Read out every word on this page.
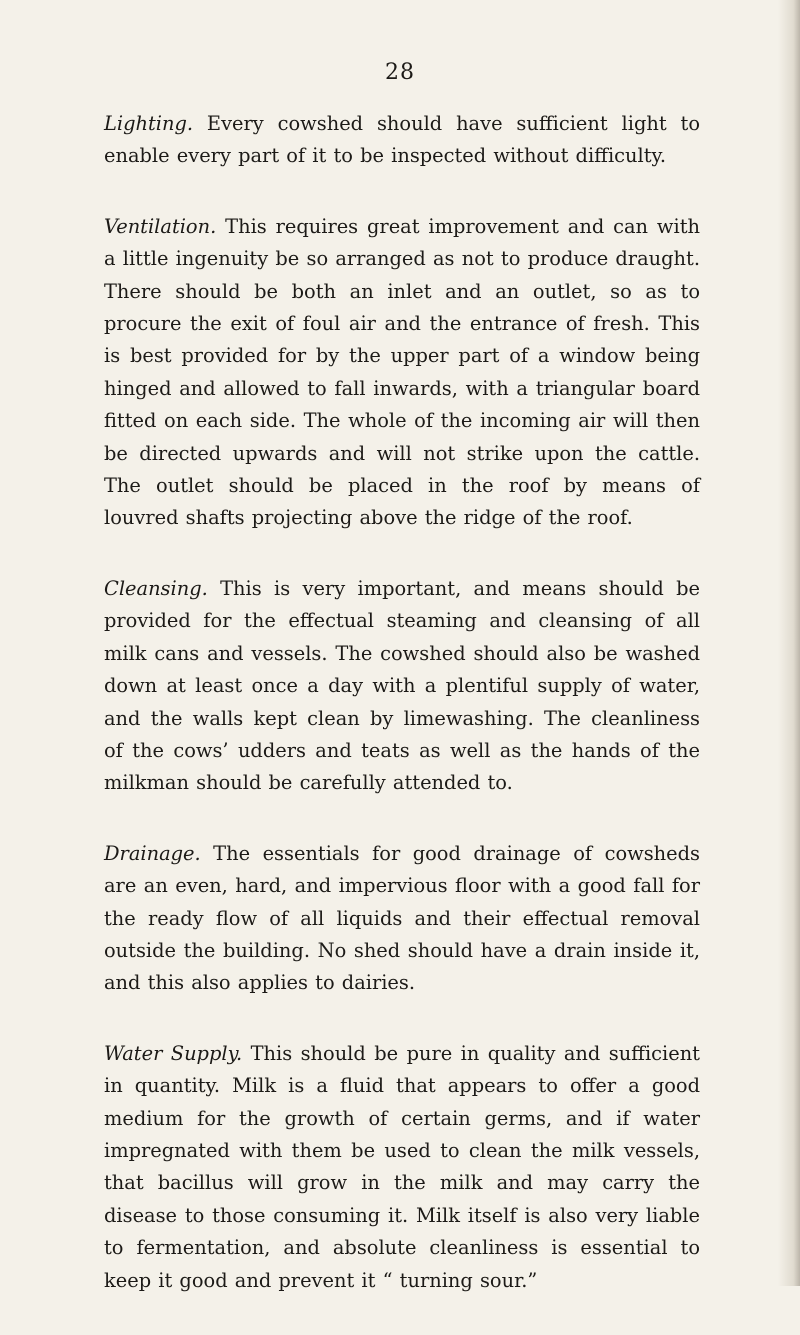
28

Lighting. Every cowshed should have sufficient light to enable every part of it to be inspected without difficulty.

Ventilation. This requires great improvement and can with a little ingenuity be so arranged as not to produce draught. There should be both an inlet and an outlet, so as to procure the exit of foul air and the entrance of fresh. This is best provided for by the upper part of a window being hinged and allowed to fall inwards, with a triangular board fitted on each side. The whole of the incoming air will then be directed upwards and will not strike upon the cattle. The outlet should be placed in the roof by means of louvred shafts projecting above the ridge of the roof.

Cleansing. This is very important, and means should be provided for the effectual steaming and cleansing of all milk cans and vessels. The cowshed should also be washed down at least once a day with a plentiful supply of water, and the walls kept clean by limewashing. The cleanliness of the cows’ udders and teats as well as the hands of the milkman should be carefully attended to.

Drainage. The essentials for good drainage of cowsheds are an even, hard, and impervious floor with a good fall for the ready flow of all liquids and their effectual removal outside the building. No shed should have a drain inside it, and this also applies to dairies.

Water Supply. This should be pure in quality and sufficient in quantity. Milk is a fluid that appears to offer a good medium for the growth of certain germs, and if water impregnated with them be used to clean the milk vessels, that bacillus will grow in the milk and may carry the disease to those consuming it. Milk itself is also very liable to fermentation, and absolute cleanliness is essential to keep it good and prevent it “ turning sour.”
